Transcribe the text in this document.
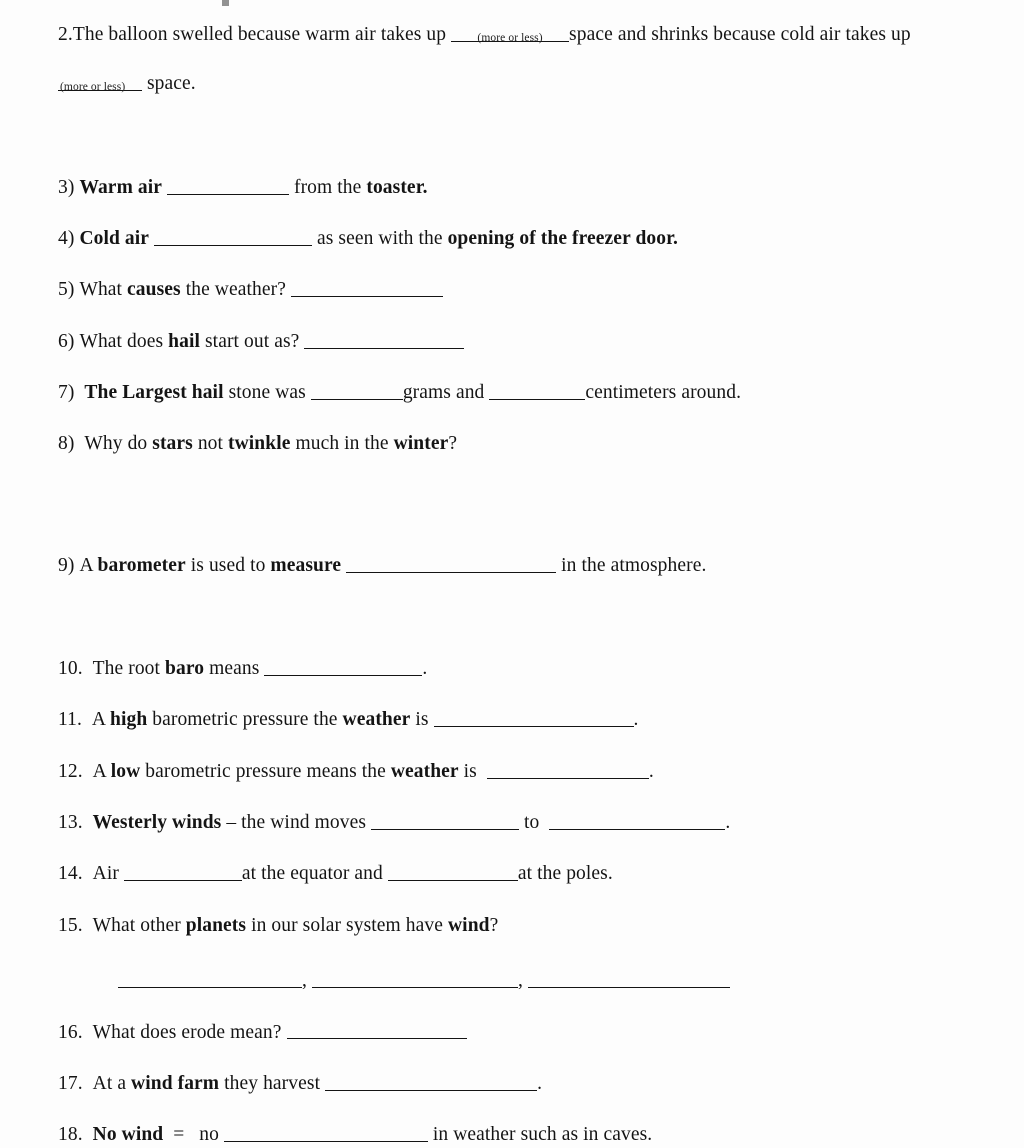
2.The balloon swelled because warm air takes up	(more or less)	space and shrinks because cold air takes up
(more or less) space.
3) Warm air	from the toaster.
4) Cold air	as seen with the opening of the freezer door.
5) What causes the weather?
6) What does hail start out as?
7) The Largest hail stone was	grams and	centimeters around.
8) Why do stars not twinkle much in the winter?
9) A barometer is used to measure	in the atmosphere.
10. The root baro means	.
11. A high barometric pressure the weather is	.
12. A low barometric pressure means the weather is	.
13. Westerly winds – the wind moves	to	.
14. Air	at the equator and	at the poles.
15. What other planets in our solar system have wind?
,	,
16. What does erode mean?
17. At a wind farm they harvest	.
18. No wind  =   no	in weather such as in caves.
